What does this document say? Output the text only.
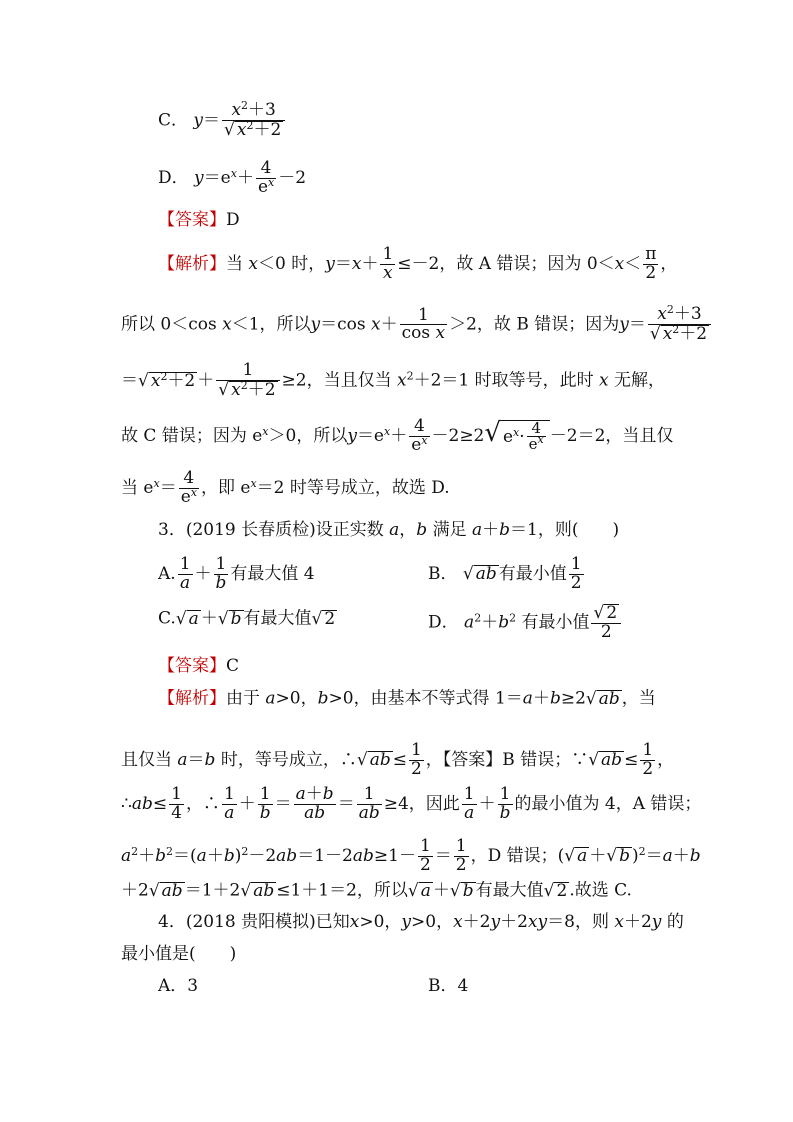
C． $y= \frac{x^2+3}{√ x^2+2}$
D． $y=e^x+ \frac{4}{e^x} -2$
【答案】D
【解析】当 x＜0 时，$y=x+ \frac{1}{x} \le-2$，故 A 错误；因为 $0<x< \frac{\pi}{2}$ ，
所以 0＜cos x＜1，所以y＝cos $x+ \frac{1}{\text{cos x}} >2$，故 B 错误；因为$y= \frac{x^2+3}{√ x^2+2}$
＝√ $x^2+2 + \frac{1}{√ x^2+2} \ge 2$，当且仅当 $x^2+2=1$ 时取等号，此时 x 无解，
故 C 错误；因为 $e^x>0$，所以$y=e^x+ \frac{4}{e^x} -2\ge 2√$ $e^x\cdot \frac{4}{e^x} -2=2$，当且仅
当 $e^x= \frac{4}{e^x}$ ，即 $e^x=2$ 时等号成立，故选 D.
3．(2019 长春质检)设正实数 a，b 满足 a＋b＝1，则(　　)
A. $\frac{1}{a} + \frac{1}{b}$ 有最大值 4	B． √ ab 有最小值 $\frac{1}{2}$
C.√ a ＋√ b 有最大值√ 2	D． $a^2+b^2$ 有最小值 $\frac{√ 2}{2}$
【答案】C
【解析】由于 a>0，b>0，由基本不等式得 1＝a＋b≥2√ ab ，当
且仅当 a＝b 时，等号成立，∴√ ab ≤ $\frac{1}{2}$ ，【答案】B 错误；∵√ ab ≤ $\frac{1}{2}$ ，
∴ab≤ $\frac{1}{4}$ ，∴ $\frac{1}{a} + \frac{1}{b} = \frac{a+b}{ab} = \frac{1}{ab} \ge 4$，因此 $\frac{1}{a} + \frac{1}{b}$ 的最小值为 4，A 错误；
$a^2+b^2=(a+b)^2-2ab=1-2ab\ge 1- \frac{1}{2} = \frac{1}{2}$ ，D 错误；(√ a ＋√ b )$^2$＝a＋b
＋2√ ab ＝1＋2√ ab ≤1＋1＝2，所以√ a ＋√ b 有最大值√ 2 .故选 C.
4．(2018 贵阳模拟)已知x>0，y>0，x＋2y＋2xy＝8，则 x＋2y 的
最小值是(　　)
A．3	B．4
